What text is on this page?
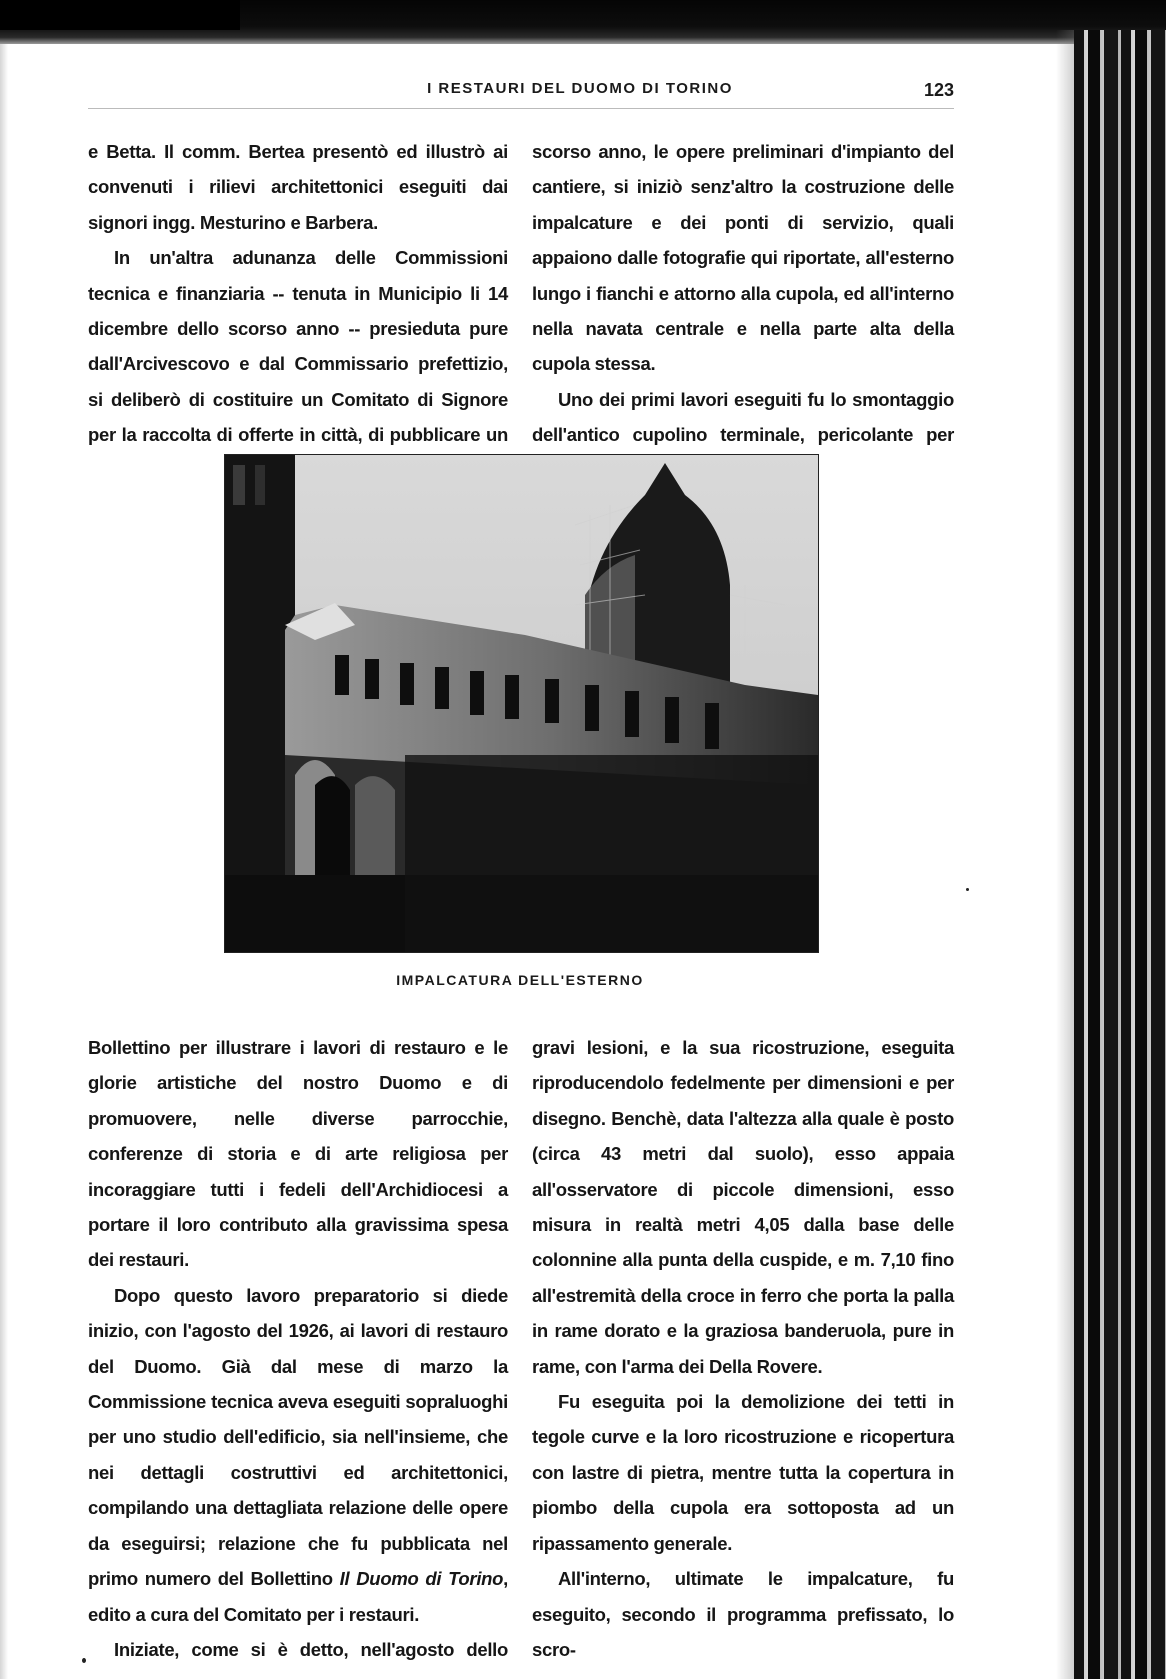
I RESTAURI DEL DUOMO DI TORINO	123

e Betta. Il comm. Bertea presentò ed illustrò ai convenuti i rilievi architettonici eseguiti dai signori ingg. Mesturino e Barbera.

In un'altra adunanza delle Commissioni tecnica e finanziaria -- tenuta in Municipio li 14 dicembre dello scorso anno -- presieduta pure dall'Arcivescovo e dal Commissario prefettizio, si deliberò di costituire un Comitato di Signore per la raccolta di offerte in città, di pubblicare un

scorso anno, le opere preliminari d'impianto del cantiere, si iniziò senz'altro la costruzione delle impalcature e dei ponti di servizio, quali appaiono dalle fotografie qui riportate, all'esterno lungo i fianchi e attorno alla cupola, ed all'interno nella navata centrale e nella parte alta della cupola stessa.

Uno dei primi lavori eseguiti fu lo smontaggio dell'antico cupolino terminale, pericolante per

IMPALCATURA DELL'ESTERNO

Bollettino per illustrare i lavori di restauro e le glorie artistiche del nostro Duomo e di promuovere, nelle diverse parrocchie, conferenze di storia e di arte religiosa per incoraggiare tutti i fedeli dell'Archidiocesi a portare il loro contributo alla gravissima spesa dei restauri.

Dopo questo lavoro preparatorio si diede inizio, con l'agosto del 1926, ai lavori di restauro del Duomo. Già dal mese di marzo la Commissione tecnica aveva eseguiti sopraluoghi per uno studio dell'edificio, sia nell'insieme, che nei dettagli costruttivi ed architettonici, compilando una dettagliata relazione delle opere da eseguirsi; relazione che fu pubblicata nel primo numero del Bollettino Il Duomo di Torino, edito a cura del Comitato per i restauri.

Iniziate, come si è detto, nell'agosto dello

gravi lesioni, e la sua ricostruzione, eseguita riproducendolo fedelmente per dimensioni e per disegno. Benchè, data l'altezza alla quale è posto (circa 43 metri dal suolo), esso appaia all'osservatore di piccole dimensioni, esso misura in realtà metri 4,05 dalla base delle colonnine alla punta della cuspide, e m. 7,10 fino all'estremità della croce in ferro che porta la palla in rame dorato e la graziosa banderuola, pure in rame, con l'arma dei Della Rovere.

Fu eseguita poi la demolizione dei tetti in tegole curve e la loro ricostruzione e ricopertura con lastre di pietra, mentre tutta la copertura in piombo della cupola era sottoposta ad un ripassamento generale.

All'interno, ultimate le impalcature, fu eseguito, secondo il programma prefissato, lo scro-
